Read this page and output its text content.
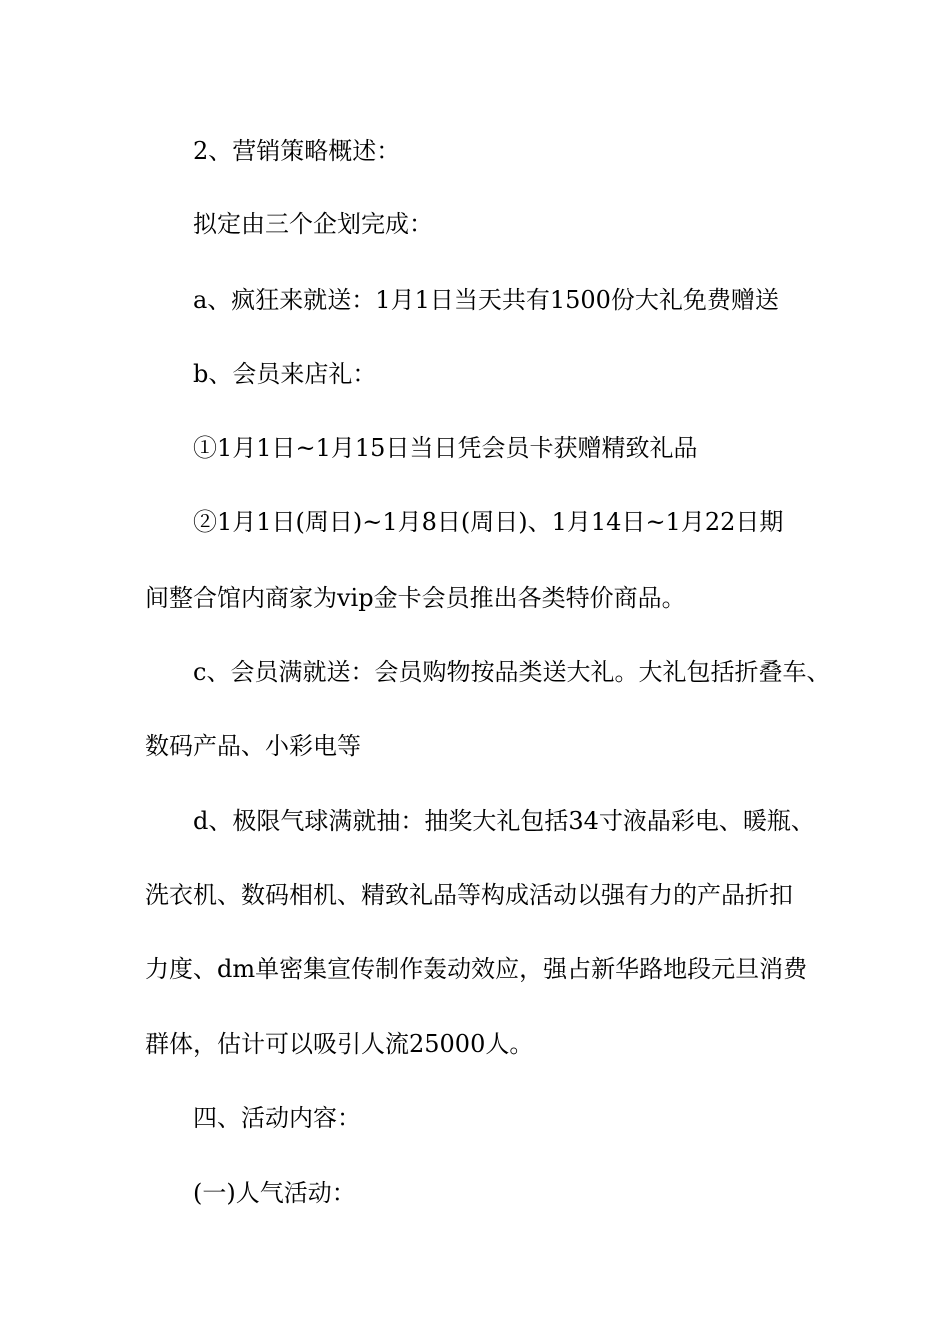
2、营销策略概述：

拟定由三个企划完成：

a、疯狂来就送：1月1日当天共有1500份大礼免费赠送

b、会员来店礼：

①1月1日~1月15日当日凭会员卡获赠精致礼品

②1月1日(周日)~1月8日(周日)、1月14日~1月22日期

间整合馆内商家为vip金卡会员推出各类特价商品。

c、会员满就送：会员购物按品类送大礼。大礼包括折叠车、

数码产品、小彩电等

d、极限气球满就抽：抽奖大礼包括34寸液晶彩电、暖瓶、

洗衣机、数码相机、精致礼品等构成活动以强有力的产品折扣

力度、dm单密集宣传制作轰动效应，强占新华路地段元旦消费

群体，估计可以吸引人流25000人。

四、活动内容：

(一)人气活动：
